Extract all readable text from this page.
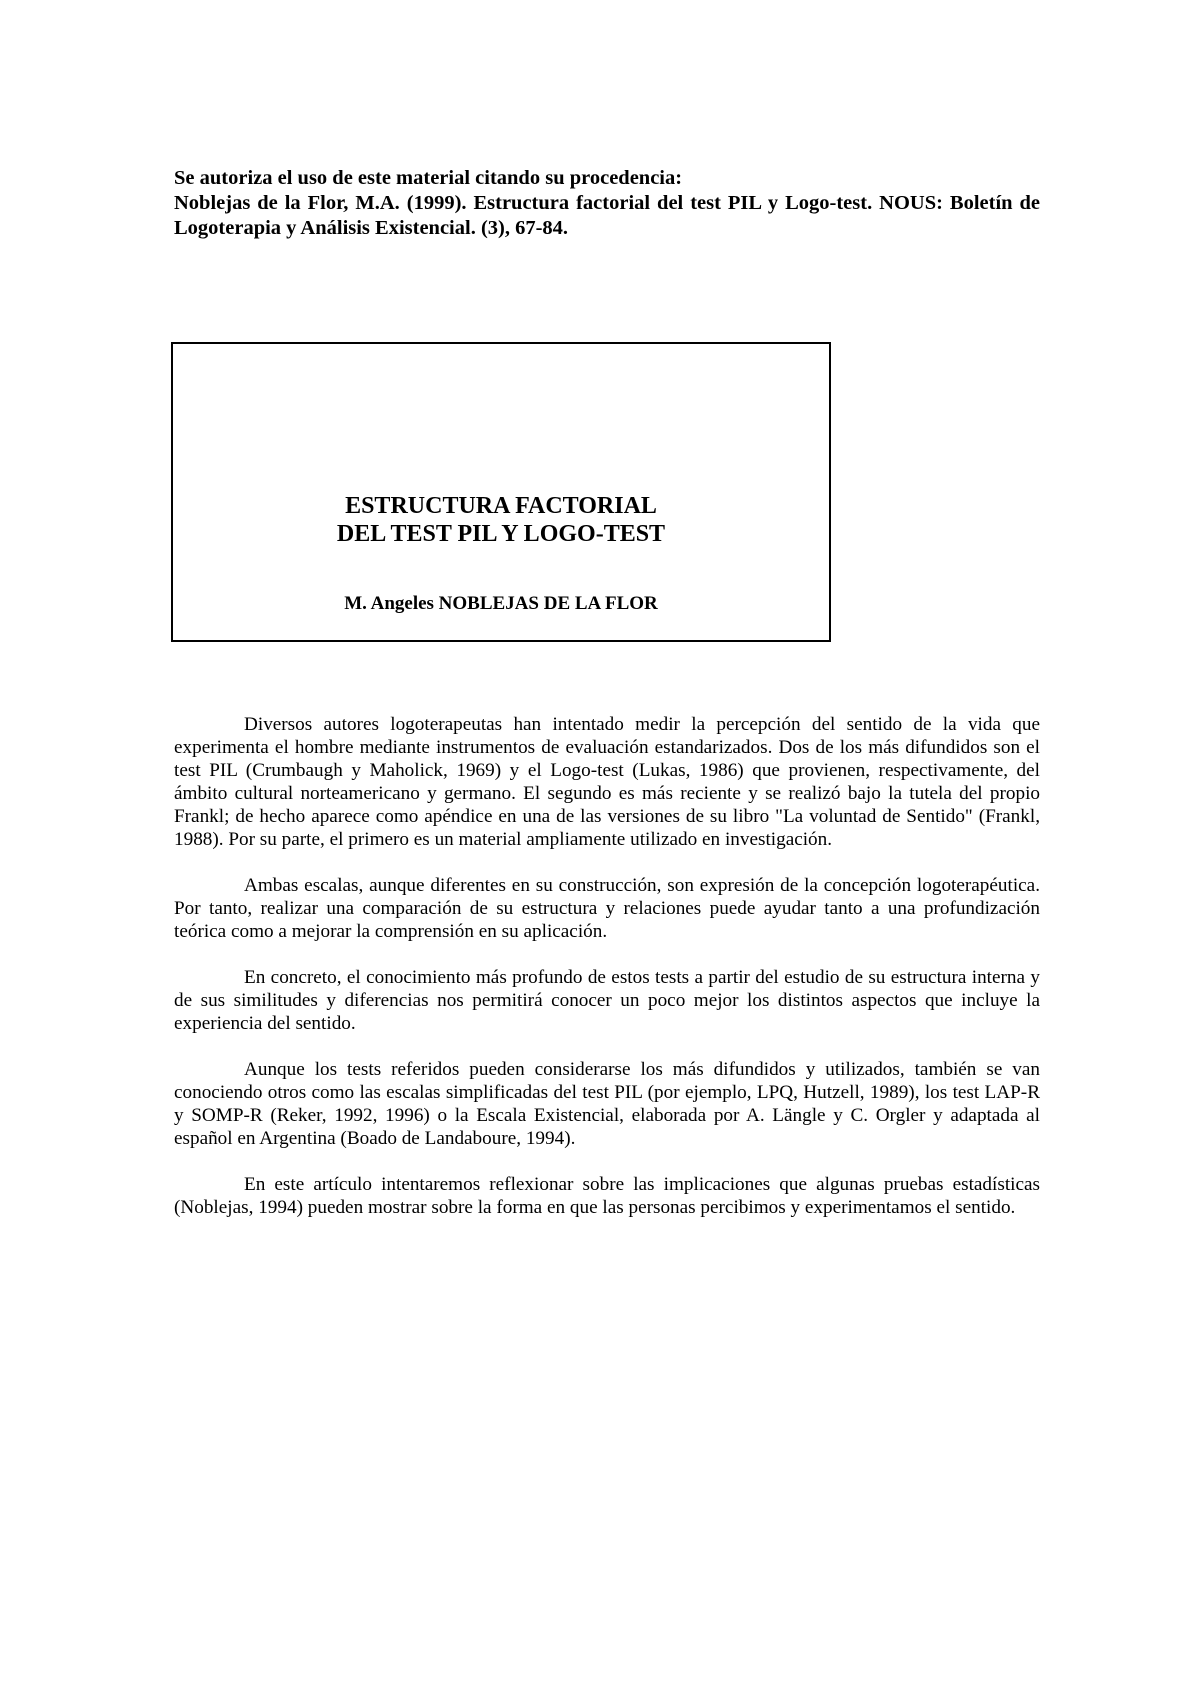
Se autoriza el uso de este material citando su procedencia:

Noblejas de la Flor, M.A. (1999). Estructura factorial del test PIL y Logo-test. NOUS: Boletín de Logoterapia y Análisis Existencial. (3), 67-84.

ESTRUCTURA FACTORIAL
DEL TEST PIL Y LOGO-TEST

M. Angeles NOBLEJAS DE LA FLOR

Diversos autores logoterapeutas han intentado medir la percepción del sentido de la vida que experimenta el hombre mediante instrumentos de evaluación estandarizados. Dos de los más difundidos son el test PIL (Crumbaugh y Maholick, 1969) y el Logo-test (Lukas, 1986) que provienen, respectivamente, del ámbito cultural norteamericano y germano. El segundo es más reciente y se realizó bajo la tutela del propio Frankl; de hecho aparece como apéndice en una de las versiones de su libro "La voluntad de Sentido" (Frankl, 1988). Por su parte, el primero es un material ampliamente utilizado en investigación.

Ambas escalas, aunque diferentes en su construcción, son expresión de la concepción logoterapéutica. Por tanto, realizar una comparación de su estructura y relaciones puede ayudar tanto a una profundización teórica como a mejorar la comprensión en su aplicación.

En concreto, el conocimiento más profundo de estos tests a partir del estudio de su estructura interna y de sus similitudes y diferencias nos permitirá conocer un poco mejor los distintos aspectos que incluye la experiencia del sentido.

Aunque los tests referidos pueden considerarse los más difundidos y utilizados, también se van conociendo otros como las escalas simplificadas del test PIL (por ejemplo, LPQ, Hutzell, 1989), los test LAP-R y SOMP-R (Reker, 1992, 1996) o la Escala Existencial, elaborada por A. Längle y C. Orgler y adaptada al español en Argentina (Boado de Landaboure, 1994).

En este artículo intentaremos reflexionar sobre las implicaciones que algunas pruebas estadísticas (Noblejas, 1994) pueden mostrar sobre la forma en que las personas percibimos y experimentamos el sentido.
